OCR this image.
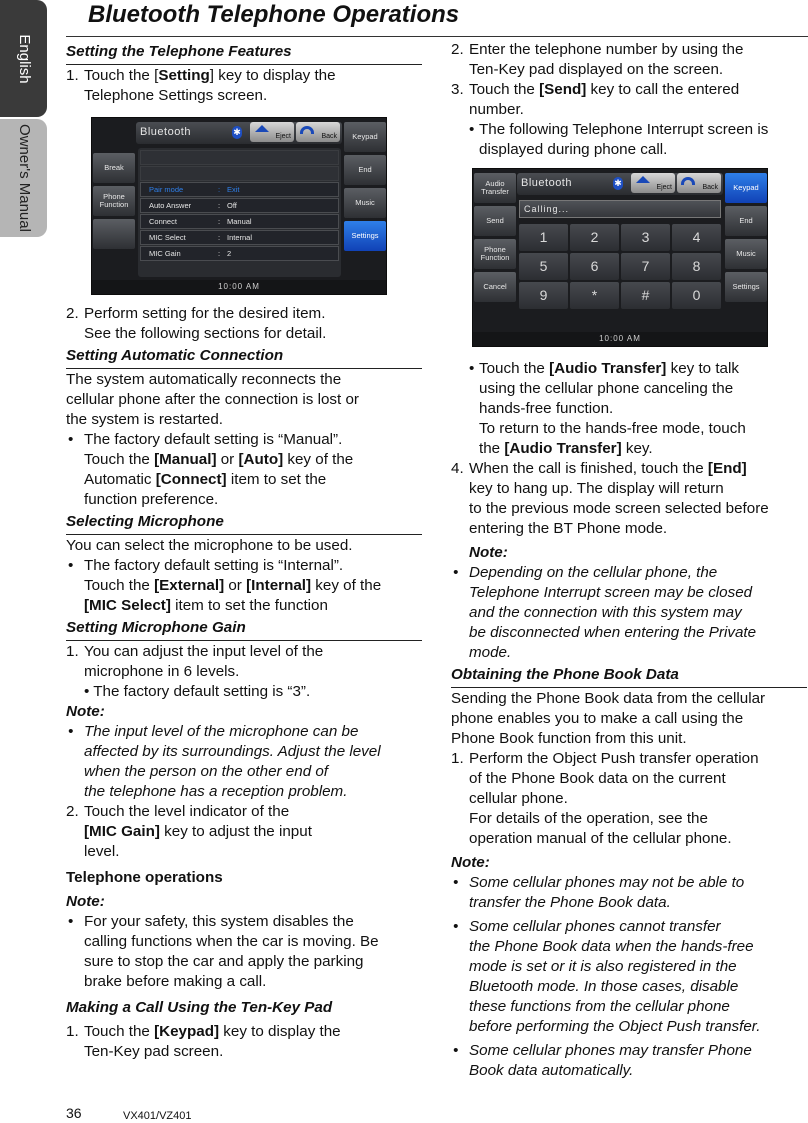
English
Owner's Manual
Bluetooth Telephone Operations
Setting the Telephone Features
1. Touch the [Setting] key to display the
Telephone Settings screen.
Break
Phone Function
Bluetooth	✱	Eject	Back	Keypad
End
Music
Settings
Pair mode	: Exit
Auto Answer	: Off
Connect	: Manual
MIC Select	: Internal
MIC Gain	: 2
10:00 AM
2. Perform setting for the desired item.
See the following sections for detail.
Setting Automatic Connection
The system automatically reconnects the
cellular phone after the connection is lost or
the system is restarted.
• The factory default setting is “Manual”.
Touch the [Manual] or [Auto] key of the
Automatic [Connect] item to set the
function preference.
Selecting Microphone
You can select the microphone to be used.
• The factory default setting is “Internal”.
Touch the [External] or [Internal] key of the
[MIC Select] item to set the function
Setting Microphone Gain
1. You can adjust the input level of the
microphone in 6 levels.
• The factory default setting is “3”.
Note:
• The input level of the microphone can be
affected by its surroundings. Adjust the level
when the person on the other end of
the telephone has a reception problem.
2. Touch the level indicator of the
[MIC Gain] key to adjust the input
level.
Telephone operations
Note:
• For your safety, this system disables the
calling functions when the car is moving. Be
sure to stop the car and apply the parking
brake before making a call.
Making a Call Using the Ten-Key Pad
1. Touch the [Keypad] key to display the
Ten-Key pad screen.
2. Enter the telephone number by using the
Ten-Key pad displayed on the screen.
3. Touch the [Send] key to call the entered
number.
• The following Telephone Interrupt screen is
displayed during phone call.
Audio Transfer
Send
Phone Function
Cancel
Bluetooth	✱	Eject	Back	Keypad
End
Music
Settings
Calling...
1	2	3	4
5	6	7	8
9	*	#	0
10:00 AM
• Touch the [Audio Transfer] key to talk
using the cellular phone canceling the
hands-free function.
To return to the hands-free mode, touch
the [Audio Transfer] key.
4. When the call is finished, touch the [End]
key to hang up. The display will return
to the previous mode screen selected before
entering the BT Phone mode.
Note:
• Depending on the cellular phone, the
Telephone Interrupt screen may be closed
and the connection with this system may
be disconnected when entering the Private
mode.
Obtaining the Phone Book Data
Sending the Phone Book data from the cellular
phone enables you to make a call using the
Phone Book function from this unit.
1. Perform the Object Push transfer operation
of the Phone Book data on the current
cellular phone.
For details of the operation, see the
operation manual of the cellular phone.
Note:
• Some cellular phones may not be able to
transfer the Phone Book data.
• Some cellular phones cannot transfer
the Phone Book data when the hands-free
mode is set or it is also registered in the
Bluetooth mode. In those cases, disable
these functions from the cellular phone
before performing the Object Push transfer.
• Some cellular phones may transfer Phone
Book data automatically.
36	VX401/VZ401
